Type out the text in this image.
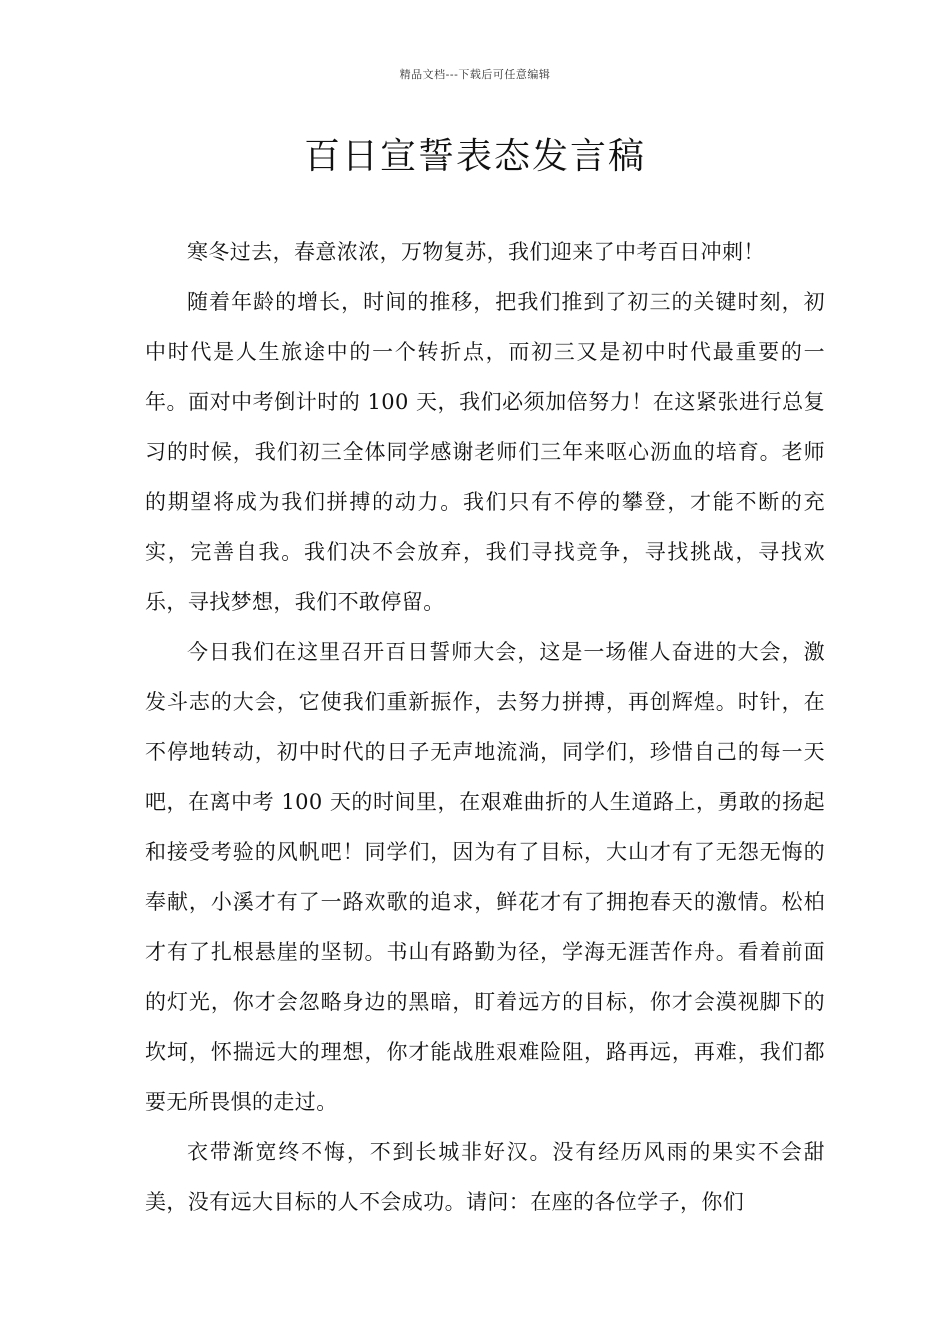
精品文档---下载后可任意编辑
百日宣誓表态发言稿

寒冬过去，春意浓浓，万物复苏，我们迎来了中考百日冲刺！

随着年龄的增长，时间的推移，把我们推到了初三的关键时刻，初中时代是人生旅途中的一个转折点，而初三又是初中时代最重要的一年。面对中考倒计时的 100 天，我们必须加倍努力！在这紧张进行总复习的时候，我们初三全体同学感谢老师们三年来呕心沥血的培育。老师的期望将成为我们拼搏的动力。我们只有不停的攀登，才能不断的充实，完善自我。我们决不会放弃，我们寻找竞争，寻找挑战，寻找欢乐，寻找梦想，我们不敢停留。

今日我们在这里召开百日誓师大会，这是一场催人奋进的大会，激发斗志的大会，它使我们重新振作，去努力拼搏，再创辉煌。时针，在不停地转动，初中时代的日子无声地流淌，同学们，珍惜自己的每一天吧，在离中考 100 天的时间里，在艰难曲折的人生道路上，勇敢的扬起和接受考验的风帆吧！同学们，因为有了目标，大山才有了无怨无悔的奉献，小溪才有了一路欢歌的追求，鲜花才有了拥抱春天的激情。松柏才有了扎根悬崖的坚韧。书山有路勤为径，学海无涯苦作舟。看着前面的灯光，你才会忽略身边的黑暗，盯着远方的目标，你才会漠视脚下的坎坷，怀揣远大的理想，你才能战胜艰难险阻，路再远，再难，我们都要无所畏惧的走过。

衣带渐宽终不悔，不到长城非好汉。没有经历风雨的果实不会甜美，没有远大目标的人不会成功。请问：在座的各位学子，你们
